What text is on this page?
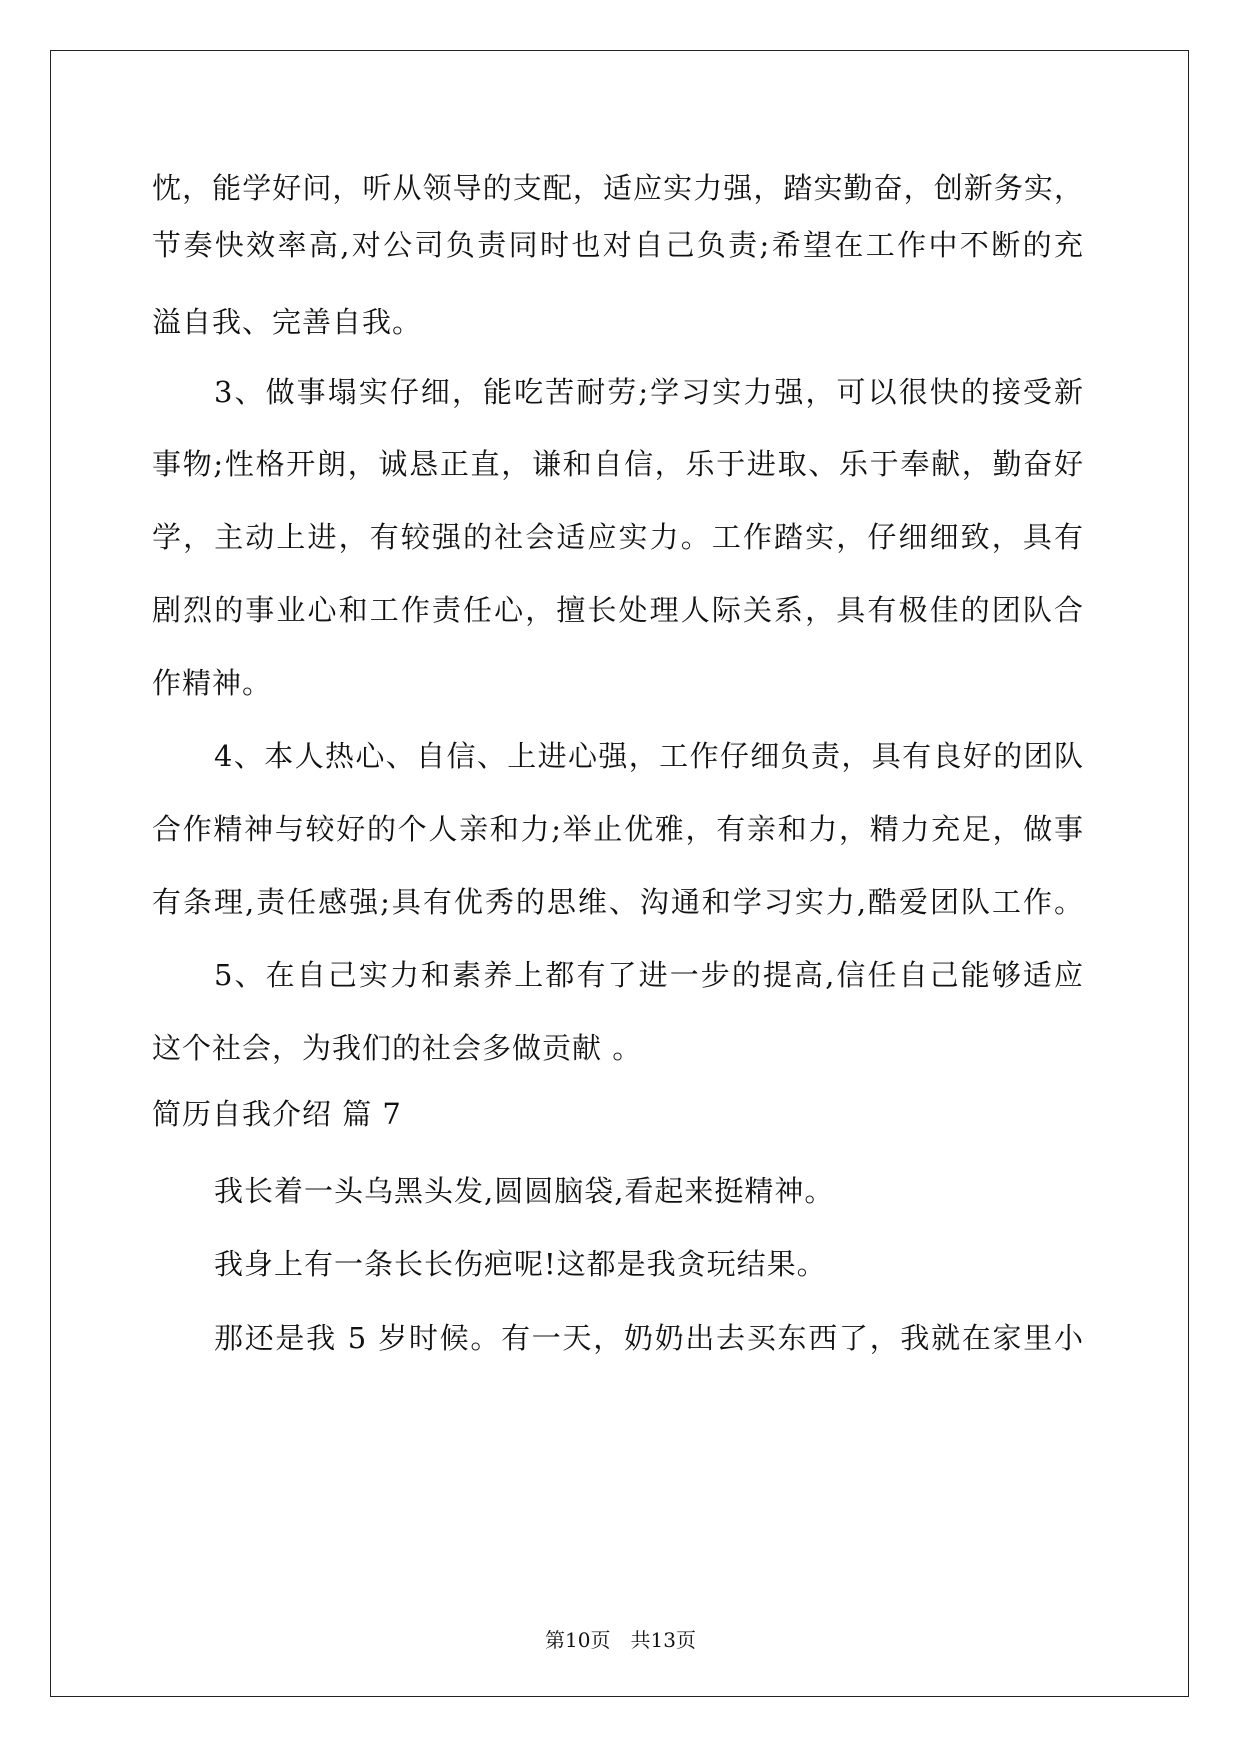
忱，能学好问，听从领导的支配，适应实力强，踏实勤奋，创新务实，
节奏快效率高,对公司负责同时也对自己负责;希望在工作中不断的充
溢自我、完善自我。
3、做事塌实仔细，能吃苦耐劳;学习实力强，可以很快的接受新
事物;性格开朗，诚恳正直，谦和自信，乐于进取、乐于奉献，勤奋好
学，主动上进，有较强的社会适应实力。工作踏实，仔细细致，具有
剧烈的事业心和工作责任心，擅长处理人际关系，具有极佳的团队合
作精神。
4、本人热心、自信、上进心强，工作仔细负责，具有良好的团队
合作精神与较好的个人亲和力;举止优雅，有亲和力，精力充足，做事
有条理,责任感强;具有优秀的思维、沟通和学习实力,酷爱团队工作。
5、在自己实力和素养上都有了进一步的提高,信任自己能够适应
这个社会，为我们的社会多做贡献 。
简历自我介绍 篇 7
我长着一头乌黑头发,圆圆脑袋,看起来挺精神。
我身上有一条长长伤疤呢!这都是我贪玩结果。
那还是我 5 岁时候。有一天，奶奶出去买东西了，我就在家里小
第10页　共13页
